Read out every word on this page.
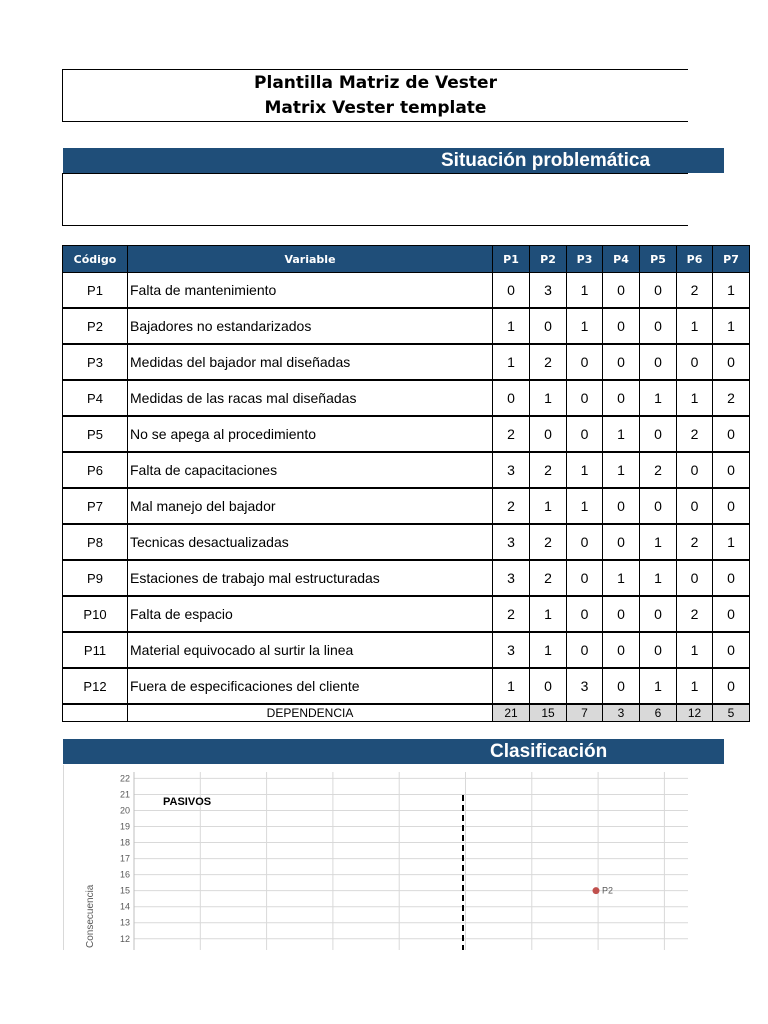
Plantilla Matriz de Vester
Matrix Vester template
Situación problemática
Código	Variable	P1	P2	P3	P4	P5	P6	P7
P1	Falta de mantenimiento	0	3	1	0	0	2	1
P2	Bajadores no estandarizados	1	0	1	0	0	1	1
P3	Medidas del bajador mal diseñadas	1	2	0	0	0	0	0
P4	Medidas de las racas mal diseñadas	0	1	0	0	1	1	2
P5	No se apega al procedimiento	2	0	0	1	0	2	0
P6	Falta de capacitaciones	3	2	1	1	2	0	0
P7	Mal manejo del bajador	2	1	1	0	0	0	0
P8	Tecnicas desactualizadas	3	2	0	0	1	2	1
P9	Estaciones de trabajo mal estructuradas	3	2	0	1	1	0	0
P10	Falta de espacio	2	1	0	0	0	2	0
P11	Material equivocado al surtir la linea	3	1	0	0	0	1	0
P12	Fuera de especificaciones del cliente	1	0	3	0	1	1	0
	DEPENDENCIA	21	15	7	3	6	12	5
Clasificación
12
13
14
15
16
17
18
19
20
21
22
PASIVOS
Consecuencia	P2
